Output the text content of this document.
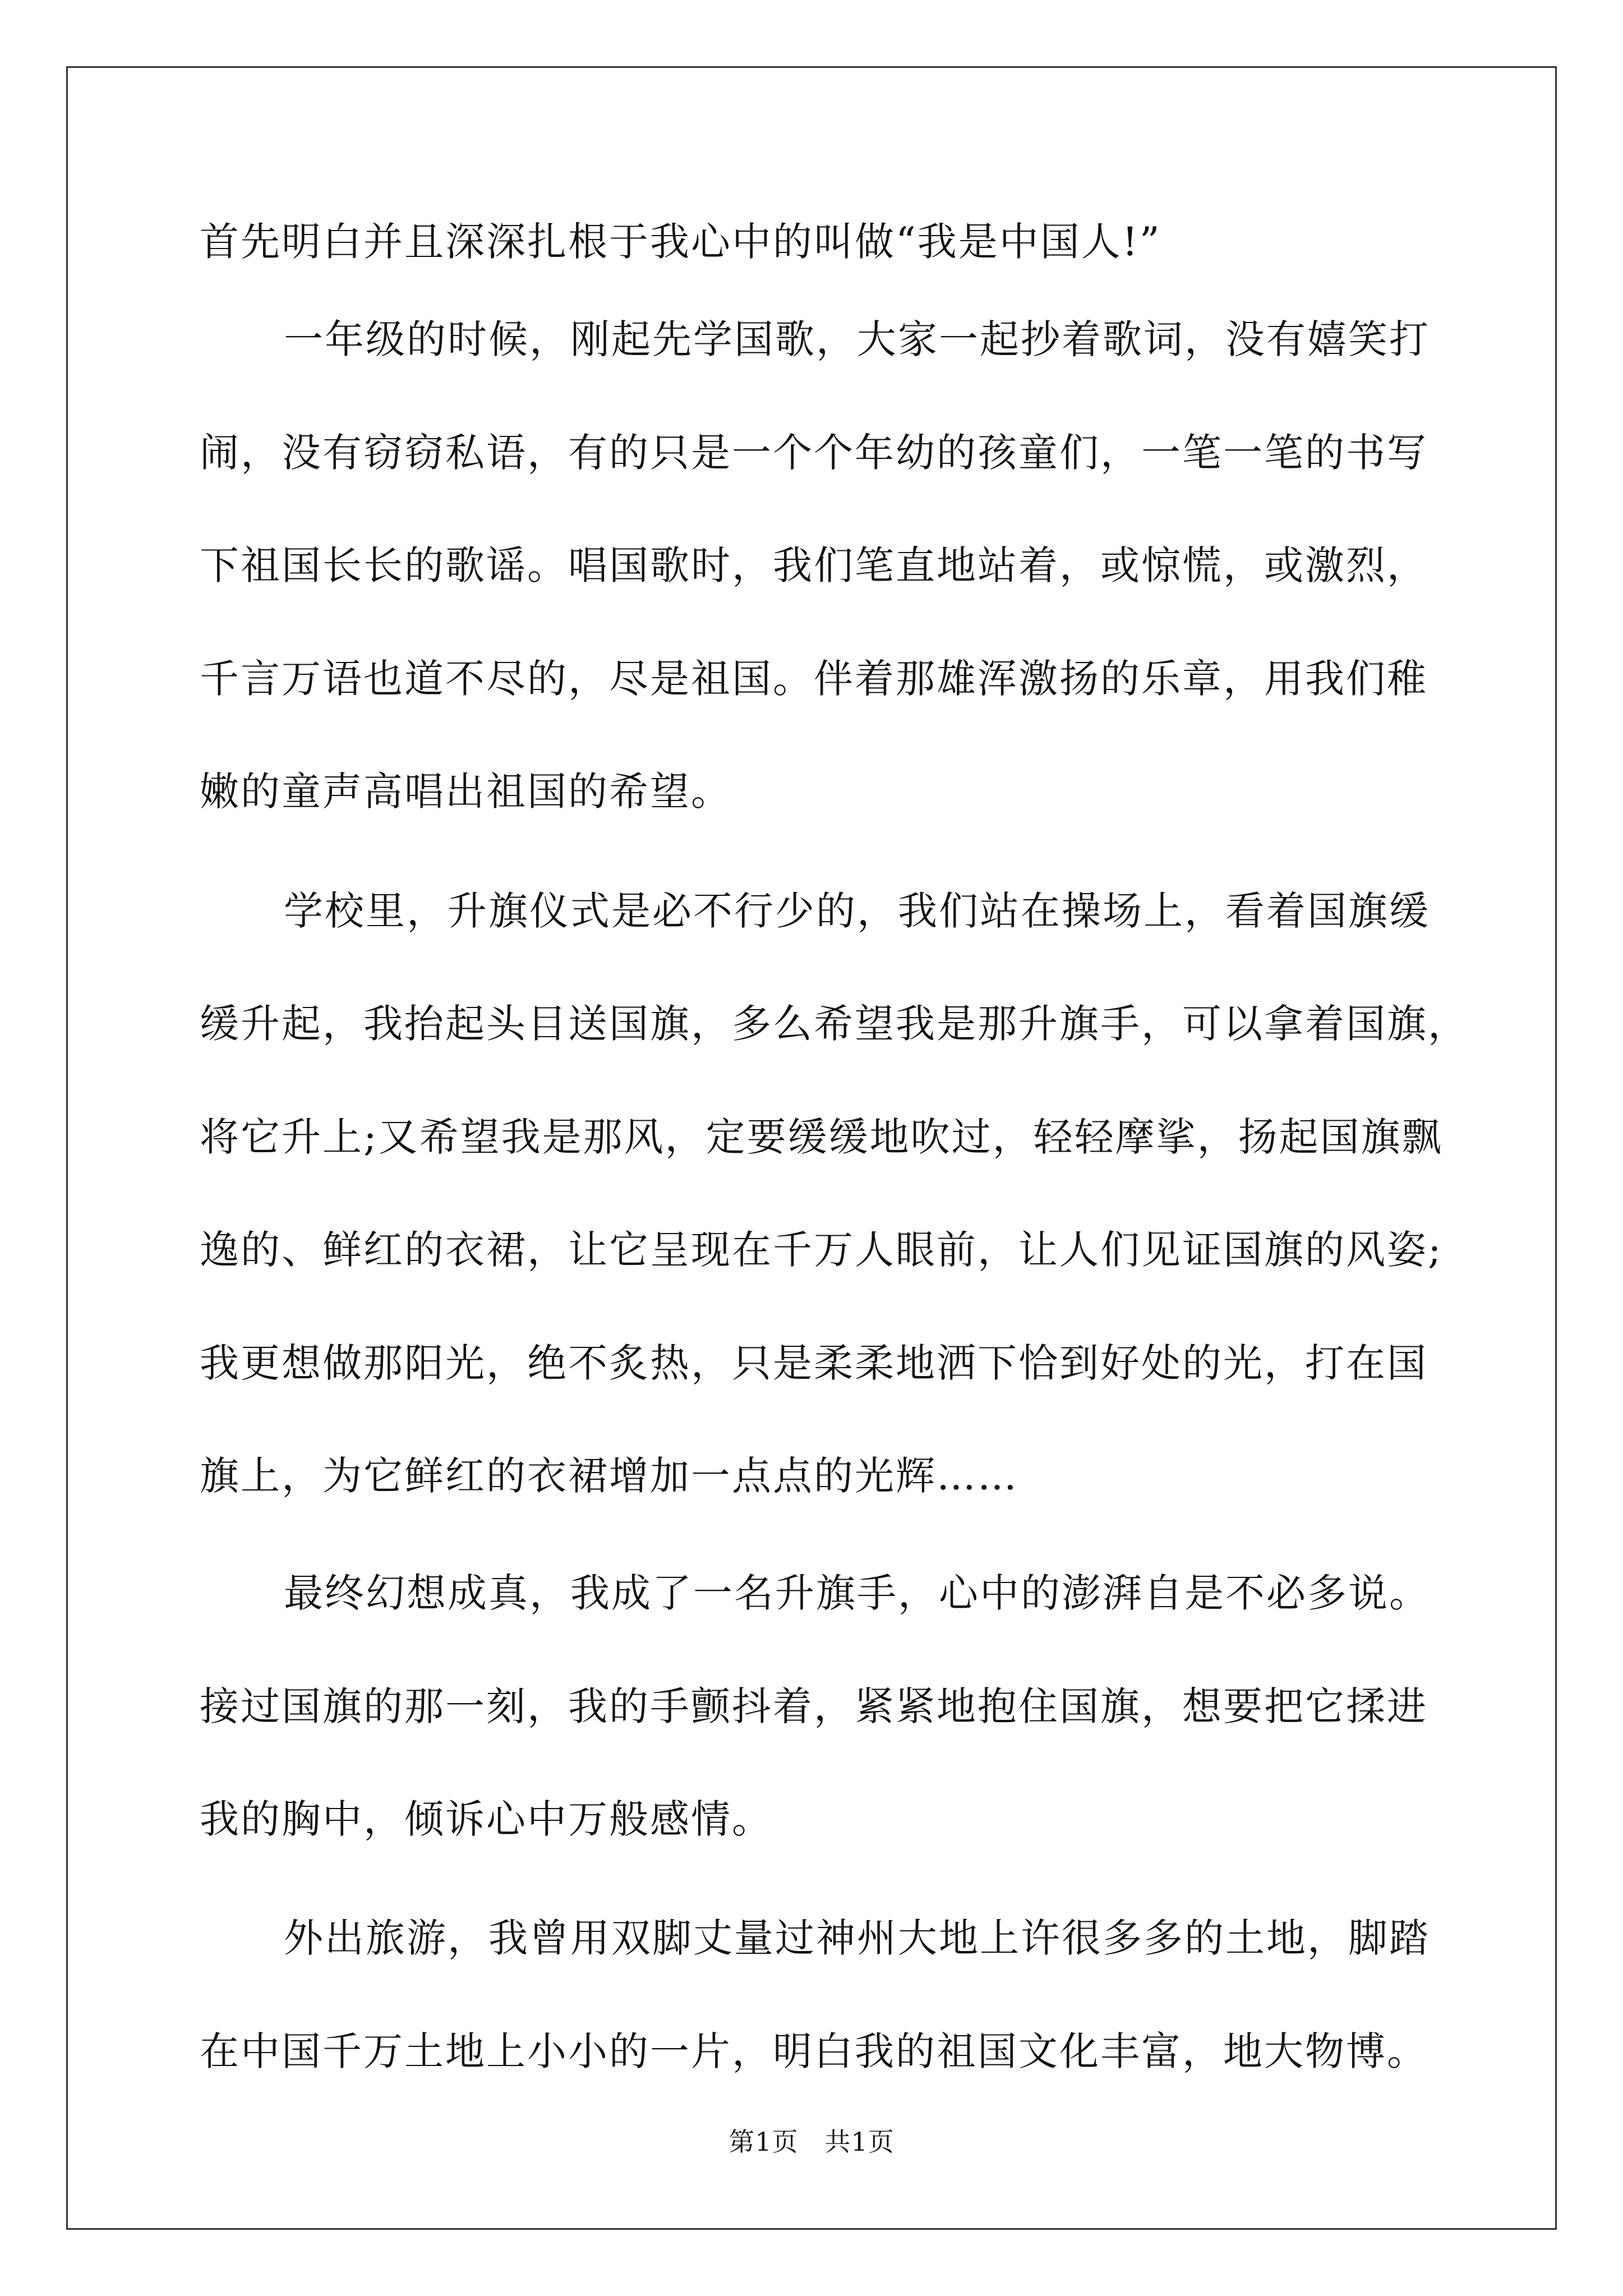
首先明白并且深深扎根于我心中的叫做“我是中国人!”
一年级的时候，刚起先学国歌，大家一起抄着歌词，没有嬉笑打
闹，没有窃窃私语，有的只是一个个年幼的孩童们，一笔一笔的书写
下祖国长长的歌谣。唱国歌时，我们笔直地站着，或惊慌，或激烈，
千言万语也道不尽的，尽是祖国。伴着那雄浑激扬的乐章，用我们稚
嫩的童声高唱出祖国的希望。
学校里，升旗仪式是必不行少的，我们站在操场上，看着国旗缓
缓升起，我抬起头目送国旗，多么希望我是那升旗手，可以拿着国旗，
将它升上;又希望我是那风，定要缓缓地吹过，轻轻摩挲，扬起国旗飘
逸的、鲜红的衣裙，让它呈现在千万人眼前，让人们见证国旗的风姿;
我更想做那阳光，绝不炙热，只是柔柔地洒下恰到好处的光，打在国
旗上，为它鲜红的衣裙增加一点点的光辉……
最终幻想成真，我成了一名升旗手，心中的澎湃自是不必多说。
接过国旗的那一刻，我的手颤抖着，紧紧地抱住国旗，想要把它揉进
我的胸中，倾诉心中万般感情。
外出旅游，我曾用双脚丈量过神州大地上许很多多的土地，脚踏
在中国千万土地上小小的一片，明白我的祖国文化丰富，地大物博。
第1页　共1页
